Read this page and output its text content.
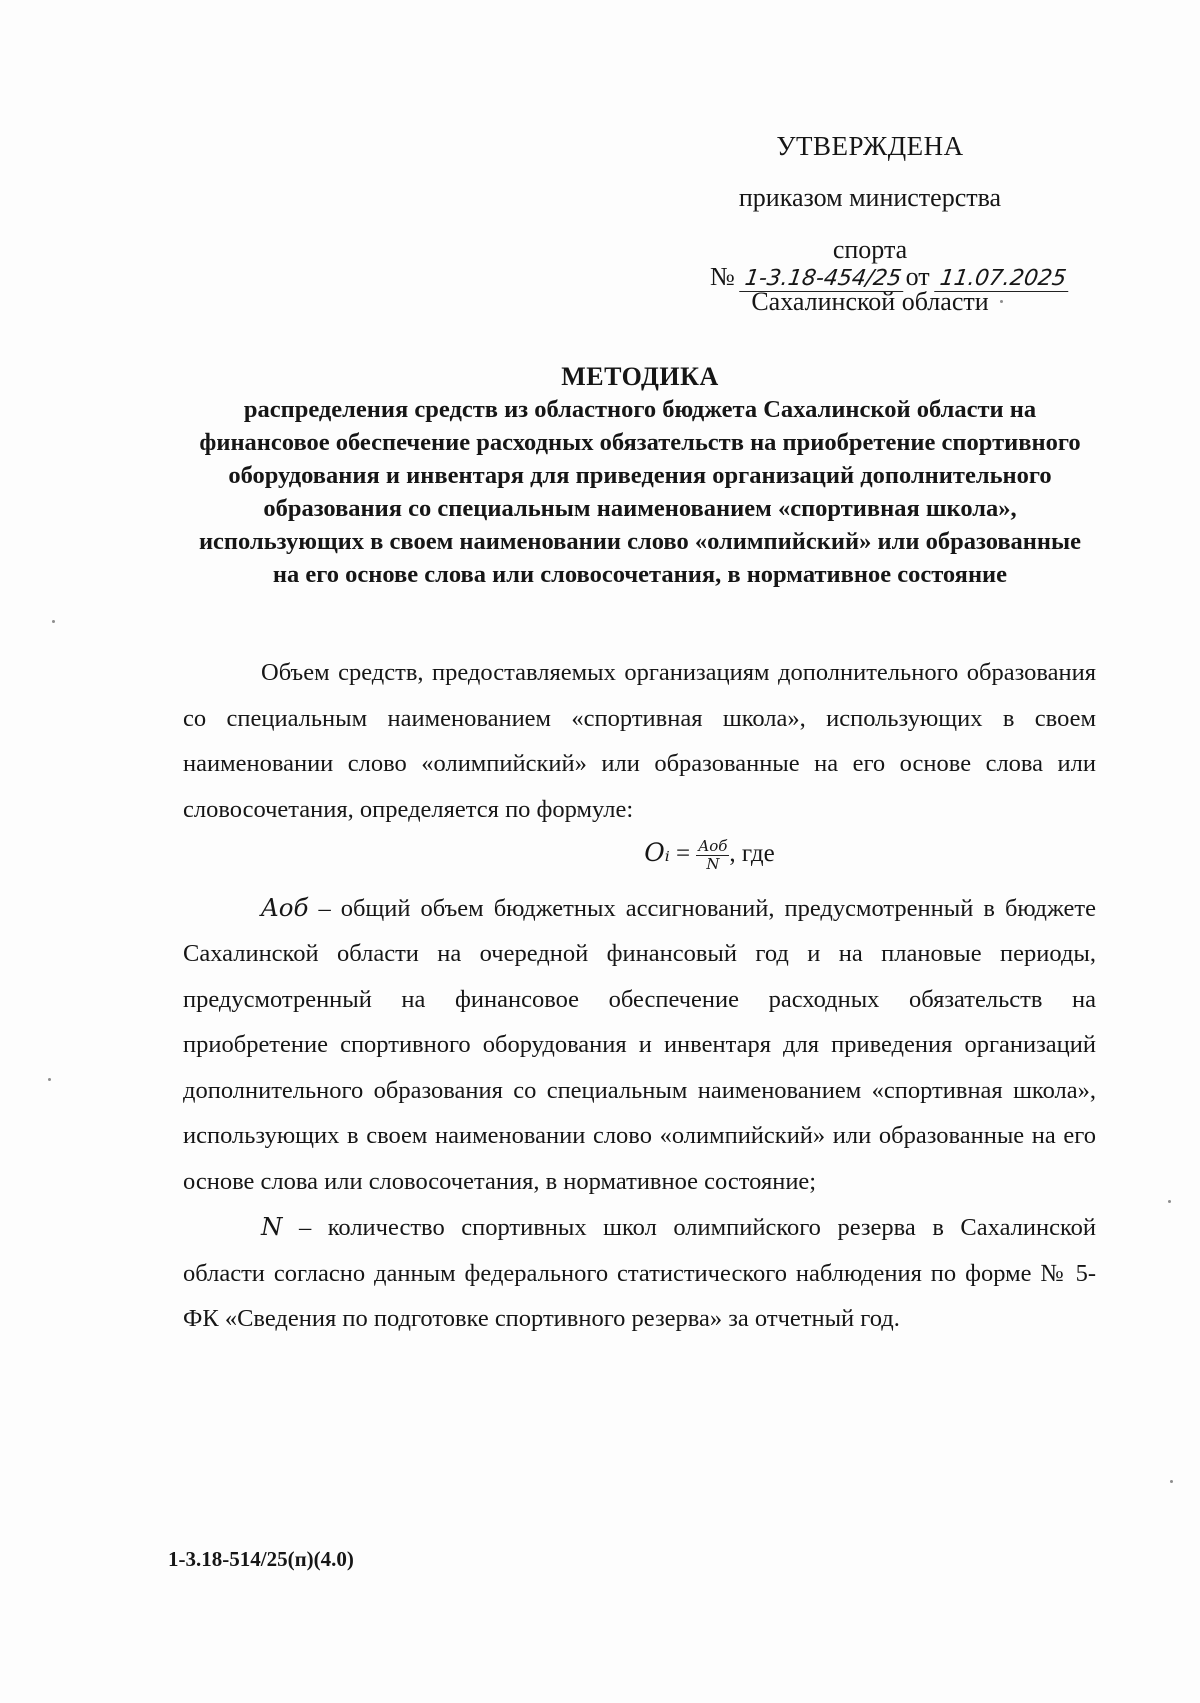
УТВЕРЖДЕНА
приказом министерства спорта
Сахалинской области
№ 1-3.18-454/25от 11.07.2025
МЕТОДИКА
распределения средств из областного бюджета Сахалинской области на финансовое обеспечение расходных обязательств на приобретение спортивного оборудования и инвентаря для приведения организаций дополнительного образования со специальным наименованием «спортивная школа», использующих в своем наименовании слово «олимпийский» или образованные на его основе слова или словосочетания, в нормативное состояние

Объем средств, предоставляемых организациям дополнительного образования со специальным наименованием «спортивная школа», использующих в своем наименовании слово «олимпийский» или образованные на его основе слова или словосочетания, определяется по формуле:

Oᵢ = $\frac{\text{Aоб}}{N}$ , где

Aоб – общий объем бюджетных ассигнований, предусмотренный в бюджете Сахалинской области на очередной финансовый год и на плановые периоды, предусмотренный на финансовое обеспечение расходных обязательств на приобретение спортивного оборудования и инвентаря для приведения организаций дополнительного образования со специальным наименованием «спортивная школа», использующих в своем наименовании слово «олимпийский» или образованные на его основе слова или словосочетания, в нормативное состояние;

N – количество спортивных школ олимпийского резерва в Сахалинской области согласно данным федерального статистического наблюдения по форме № 5-ФК «Сведения по подготовке спортивного резерва» за отчетный год.

1-3.18-514/25(п)(4.0)
